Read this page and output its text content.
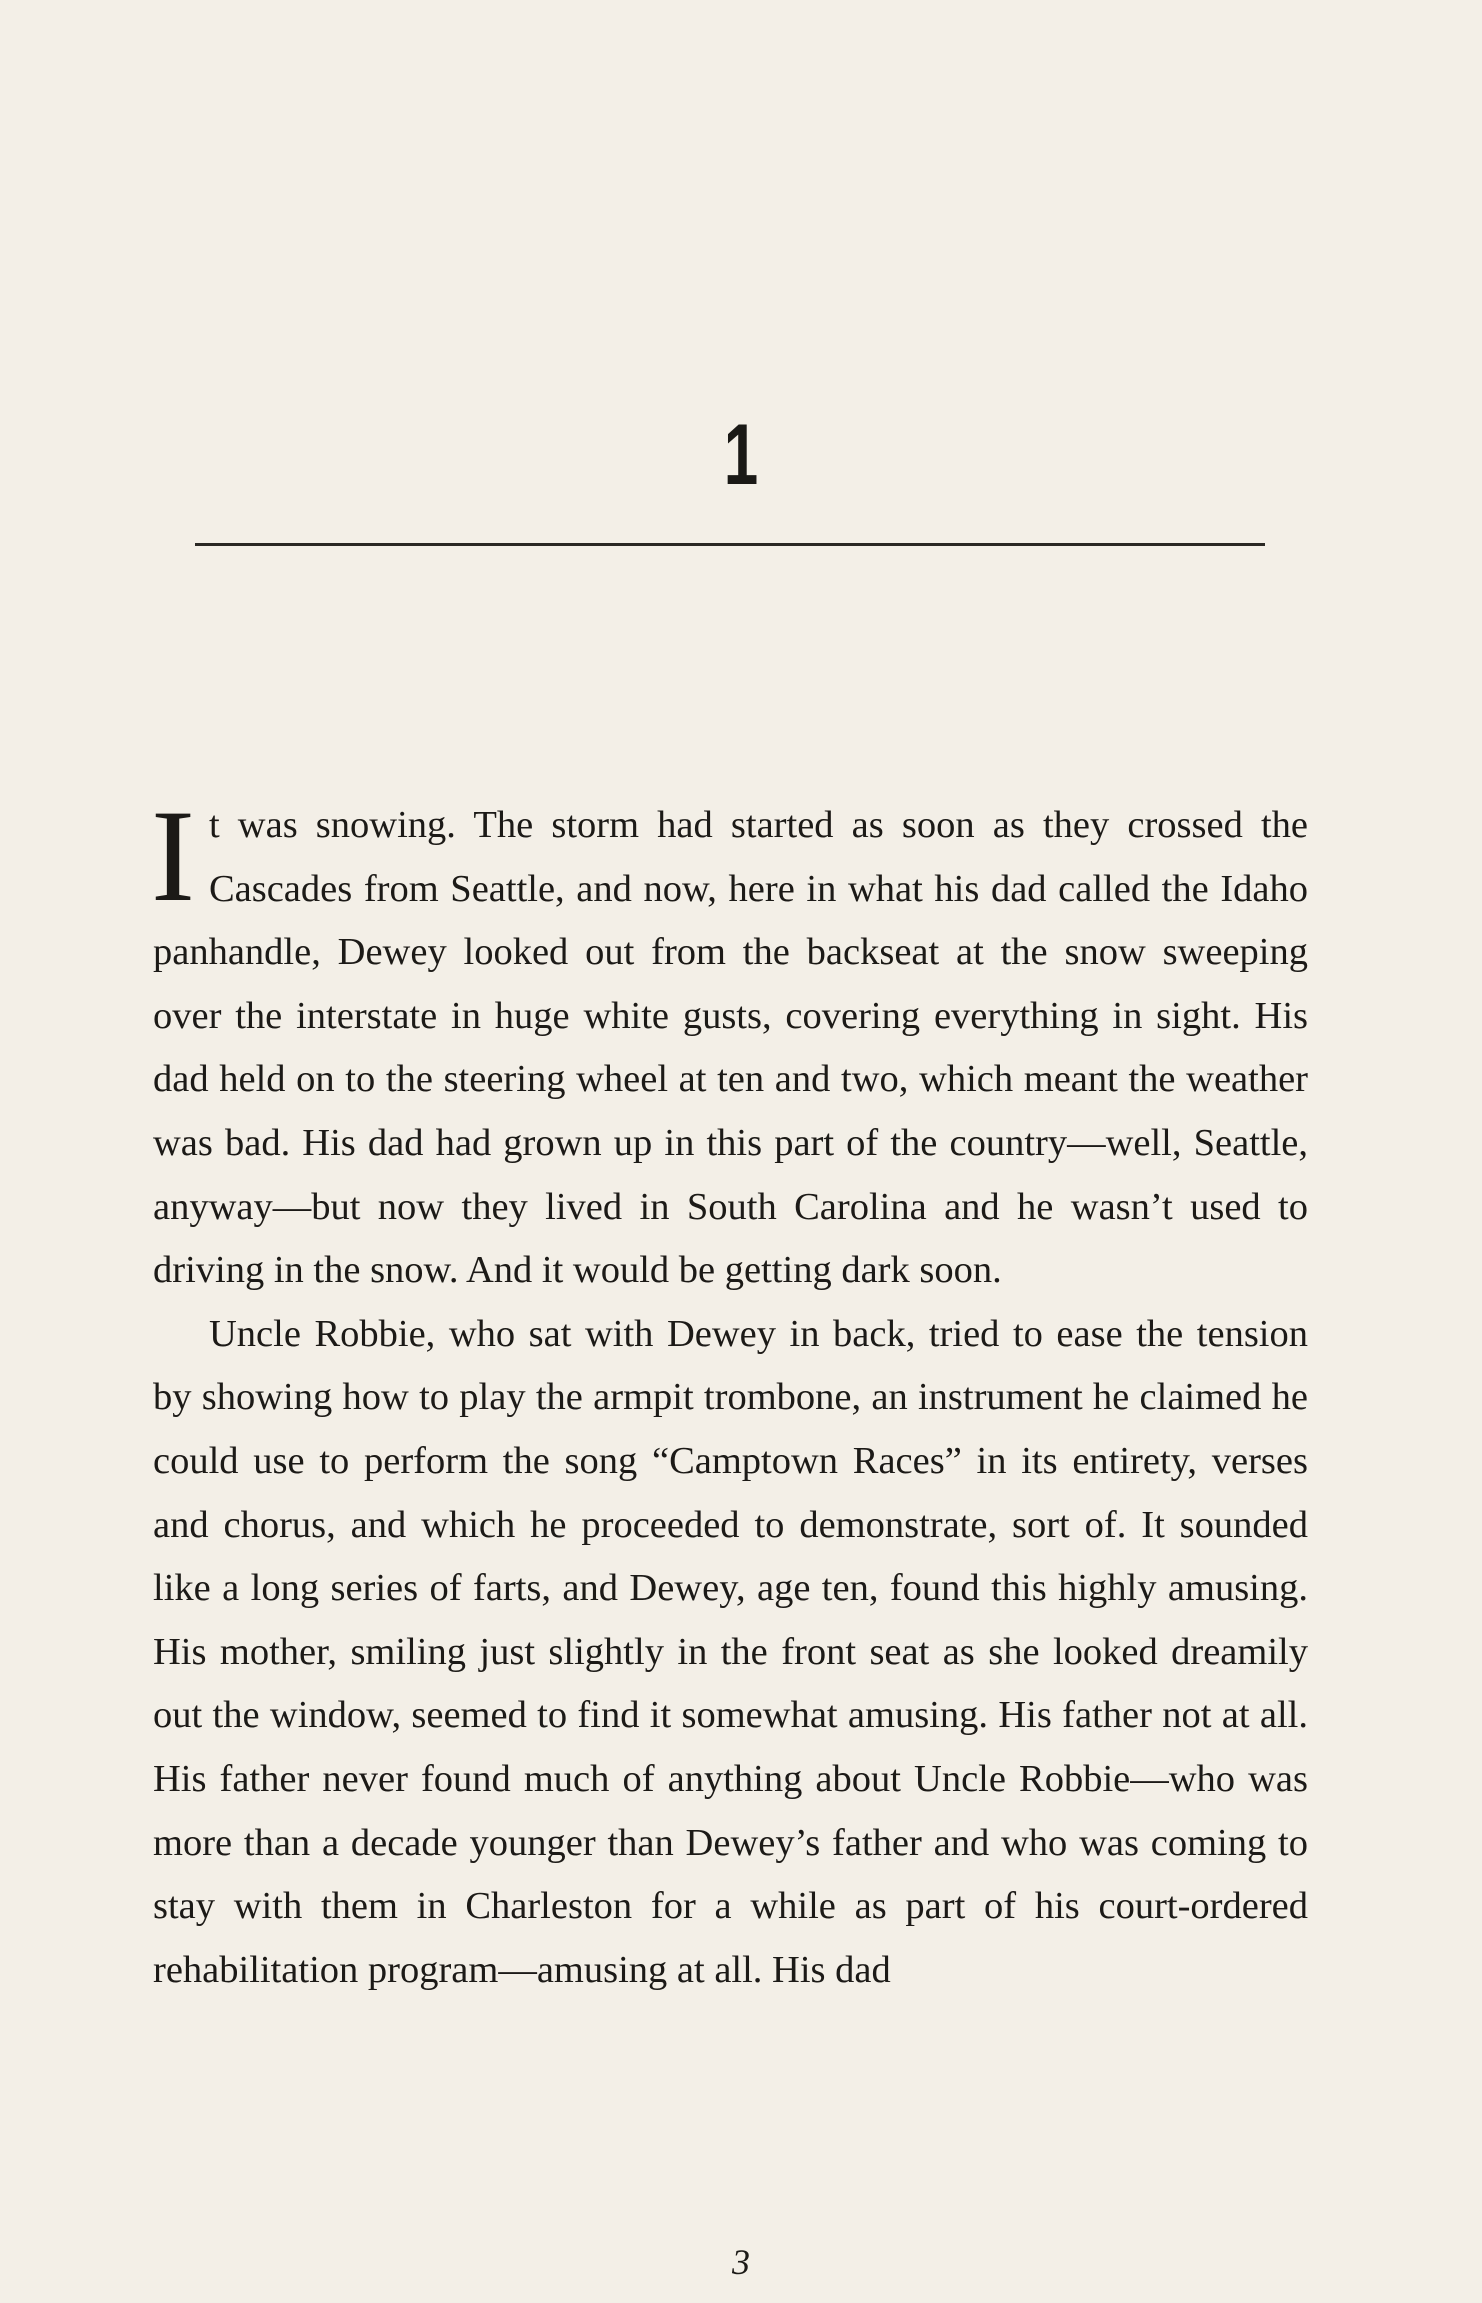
1

It was snowing. The storm had started as soon as they crossed the Cascades from Seattle, and now, here in what his dad called the Idaho panhandle, Dewey looked out from the backseat at the snow sweeping over the interstate in huge white gusts, covering everything in sight. His dad held on to the steering wheel at ten and two, which meant the weather was bad. His dad had grown up in this part of the country—well, Seattle, anyway—but now they lived in South Carolina and he wasn’t used to driving in the snow. And it would be getting dark soon.

Uncle Robbie, who sat with Dewey in back, tried to ease the tension by showing how to play the armpit trombone, an instrument he claimed he could use to perform the song “Camptown Races” in its entirety, verses and chorus, and which he proceeded to demonstrate, sort of. It sounded like a long series of farts, and Dewey, age ten, found this highly amusing. His mother, smiling just slightly in the front seat as she looked dreamily out the window, seemed to find it somewhat amusing. His father not at all. His father never found much of anything about Uncle Robbie—who was more than a decade younger than Dewey’s father and who was coming to stay with them in Charleston for a while as part of his court-ordered rehabilitation program—amusing at all. His dad

3
